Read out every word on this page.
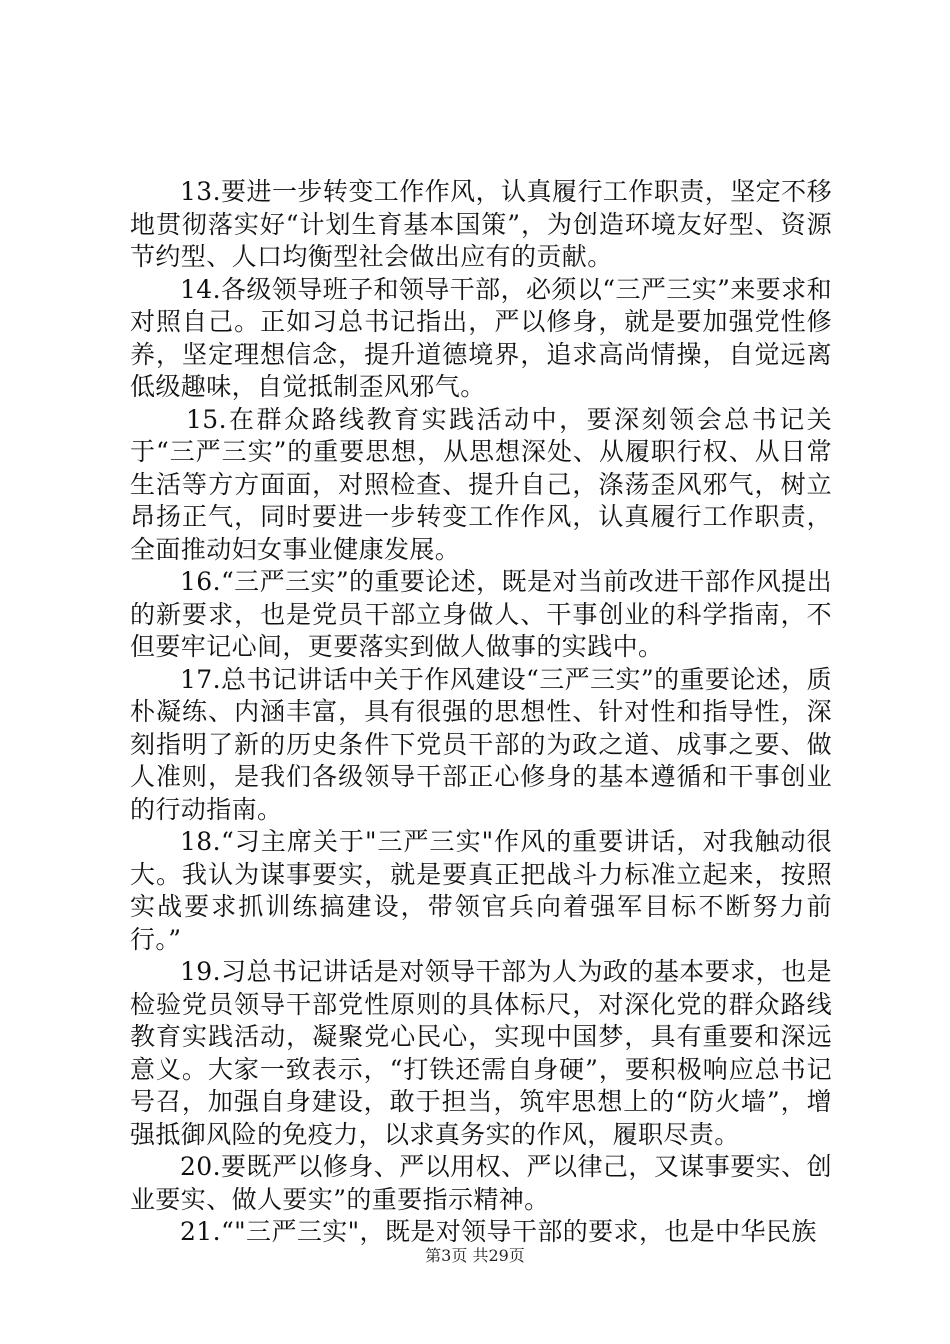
13.要进一步转变工作作风，认真履行工作职责，坚定不移地贯彻落实好“计划生育基本国策”，为创造环境友好型、资源节约型、人口均衡型社会做出应有的贡献。

14.各级领导班子和领导干部，必须以“三严三实”来要求和对照自己。正如习总书记指出，严以修身，就是要加强党性修养，坚定理想信念，提升道德境界，追求高尚情操，自觉远离低级趣味，自觉抵制歪风邪气。

15.在群众路线教育实践活动中，要深刻领会总书记关于“三严三实”的重要思想，从思想深处、从履职行权、从日常生活等方方面面，对照检查、提升自己，涤荡歪风邪气，树立昂扬正气，同时要进一步转变工作作风，认真履行工作职责，全面推动妇女事业健康发展。

16.“三严三实”的重要论述，既是对当前改进干部作风提出的新要求，也是党员干部立身做人、干事创业的科学指南，不但要牢记心间，更要落实到做人做事的实践中。

17.总书记讲话中关于作风建设“三严三实”的重要论述，质朴凝练、内涵丰富，具有很强的思想性、针对性和指导性，深刻指明了新的历史条件下党员干部的为政之道、成事之要、做人准则，是我们各级领导干部正心修身的基本遵循和干事创业的行动指南。

18.“习主席关于"三严三实"作风的重要讲话，对我触动很大。我认为谋事要实，就是要真正把战斗力标准立起来，按照实战要求抓训练搞建设，带领官兵向着强军目标不断努力前行。”

19.习总书记讲话是对领导干部为人为政的基本要求，也是检验党员领导干部党性原则的具体标尺，对深化党的群众路线教育实践活动，凝聚党心民心，实现中国梦，具有重要和深远意义。大家一致表示，“打铁还需自身硬”，要积极响应总书记号召，加强自身建设，敢于担当，筑牢思想上的“防火墙”，增强抵御风险的免疫力，以求真务实的作风，履职尽责。

20.要既严以修身、严以用权、严以律己，又谋事要实、创业要实、做人要实”的重要指示精神。

21.“"三严三实"，既是对领导干部的要求，也是中华民族

第3页 共29页
